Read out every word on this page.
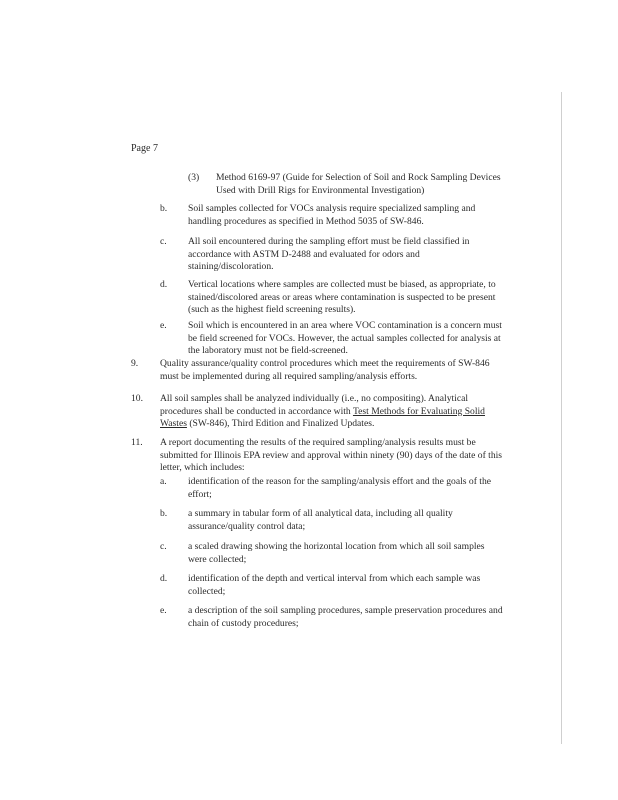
Page 7
(3) Method 6169-97 (Guide for Selection of Soil and Rock Sampling Devices
Used with Drill Rigs for Environmental Investigation)
b. Soil samples collected for VOCs analysis require specialized sampling and
handling procedures as specified in Method 5035 of SW-846.
c. All soil encountered during the sampling effort must be field classified in
accordance with ASTM D-2488 and evaluated for odors and
staining/discoloration.
d. Vertical locations where samples are collected must be biased, as appropriate, to
stained/discolored areas or areas where contamination is suspected to be present
(such as the highest field screening results).
e. Soil which is encountered in an area where VOC contamination is a concern must
be field screened for VOCs. However, the actual samples collected for analysis at
the laboratory must not be field-screened.
9. Quality assurance/quality control procedures which meet the requirements of SW-846
must be implemented during all required sampling/analysis efforts.
10. All soil samples shall be analyzed individually (i.e., no compositing). Analytical
procedures shall be conducted in accordance with Test Methods for Evaluating Solid
Wastes (SW-846), Third Edition and Finalized Updates.
11. A report documenting the results of the required sampling/analysis results must be
submitted for Illinois EPA review and approval within ninety (90) days of the date of this
letter, which includes:
a. identification of the reason for the sampling/analysis effort and the goals of the
effort;
b. a summary in tabular form of all analytical data, including all quality
assurance/quality control data;
c. a scaled drawing showing the horizontal location from which all soil samples
were collected;
d. identification of the depth and vertical interval from which each sample was
collected;
e. a description of the soil sampling procedures, sample preservation procedures and
chain of custody procedures;
